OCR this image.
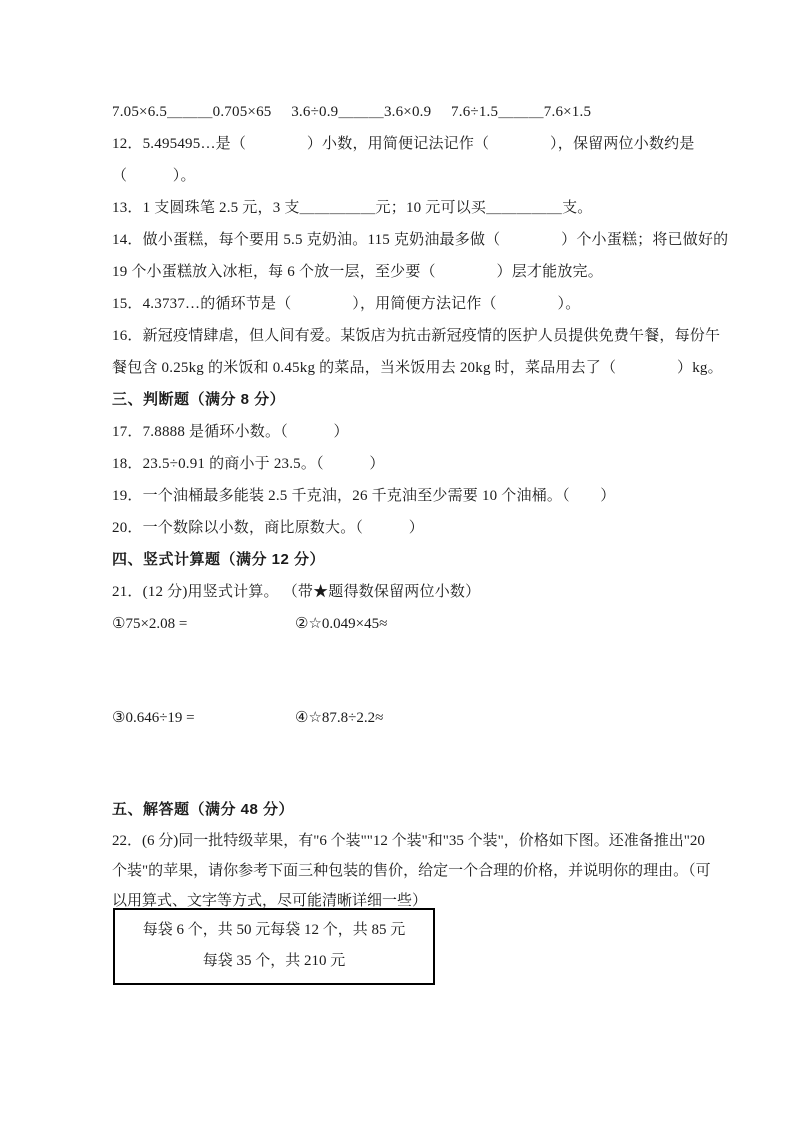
7.05×6.5＿＿＿0.705×65     3.6÷0.9＿＿＿3.6×0.9     7.6÷1.5＿＿＿7.6×1.5
12．5.495495…是（　　　　）小数，用简便记法记作（　　　　），保留两位小数约是
（　　　）。
13．1 支圆珠笔 2.5 元，3 支＿＿＿＿＿元；10 元可以买＿＿＿＿＿支。
14．做小蛋糕，每个要用 5.5 克奶油。115 克奶油最多做（　　　　）个小蛋糕；将已做好的
19 个小蛋糕放入冰柜，每 6 个放一层，至少要（　　　　）层才能放完。
15．4.3737…的循环节是（　　　　），用简便方法记作（　　　　）。
16．新冠疫情肆虐，但人间有爱。某饭店为抗击新冠疫情的医护人员提供免费午餐，每份午
餐包含 0.25kg 的米饭和 0.45kg 的菜品，当米饭用去 20kg 时，菜品用去了（　　　　）kg。
三、判断题（满分 8 分）
17．7.8888 是循环小数。（　　　）
18．23.5÷0.91 的商小于 23.5。（　　　）
19．一个油桶最多能装 2.5 千克油，26 千克油至少需要 10 个油桶。（　　）
20．一个数除以小数，商比原数大。（　　　）
四、竖式计算题（满分 12 分）
21．(12 分)用竖式计算。 （带★题得数保留两位小数）
①75×2.08 =	②☆0.049×45≈
③0.646÷19 =	④☆87.8÷2.2≈
五、解答题（满分 48 分）
22．(6 分)同一批特级苹果，有"6 个装""12 个装"和"35 个装"，价格如下图。还准备推出"20
个装"的苹果，请你参考下面三种包装的售价，给定一个合理的价格，并说明你的理由。（可
以用算式、文字等方式，尽可能清晰详细一些）
每袋 6 个，共 50 元每袋 12 个，共 85 元
每袋 35 个，共 210 元
